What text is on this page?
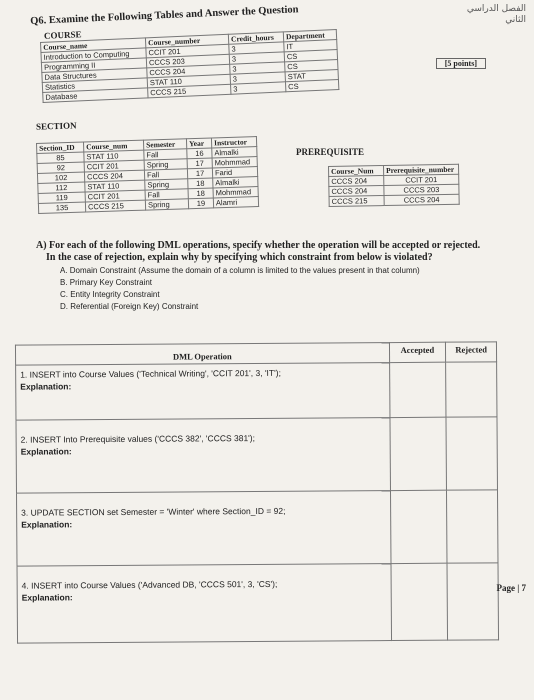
الفصل الدراسي
الثاني
Q6. Examine the Following Tables and Answer the Question
[5 points]
COURSE
Course_name	Course_number	Credit_hours	Department
Introduction to Computing	CCIT 201	3	IT
Programming II	CCCS 203	3	CS
Data Structures	CCCS 204	3	CS
Statistics	STAT 110	3	STAT
Database	CCCS 215	3	CS
SECTION
Section_ID	Course_num	Semester	Year	Instructor
85	STAT 110	Fall	16	Almalki
92	CCIT 201	Spring	17	Mohmmad
102	CCCS 204	Fall	17	Farid
112	STAT 110	Spring	18	Almalki
119	CCIT 201	Fall	18	Mohmmad
135	CCCS 215	Spring	19	Alamri
PREREQUISITE
Course_Num	Prerequisite_number
CCCS 204	CCIT 201
CCCS 204	CCCS 203
CCCS 215	CCCS 204
A) For each of the following DML operations, specify whether the operation will be accepted or rejected.
In the case of rejection, explain why by specifying which constraint from below is violated?
A. Domain Constraint (Assume the domain of a column is limited to the values present in that column)
B. Primary Key Constraint
C. Entity Integrity Constraint
D. Referential (Foreign Key) Constraint
DML Operation	Accepted	Rejected

1. INSERT into Course Values ('Technical Writing', 'CCIT 201', 3, 'IT');
Explanation:		

2. INSERT Into Prerequisite values ('CCCS 382', 'CCCS 381');
Explanation:		

3. UPDATE SECTION set Semester = 'Winter' where Section_ID = 92;
Explanation:		

4. INSERT into Course Values ('Advanced DB, 'CCCS 501', 3, 'CS');
Explanation:		

Page | 7
